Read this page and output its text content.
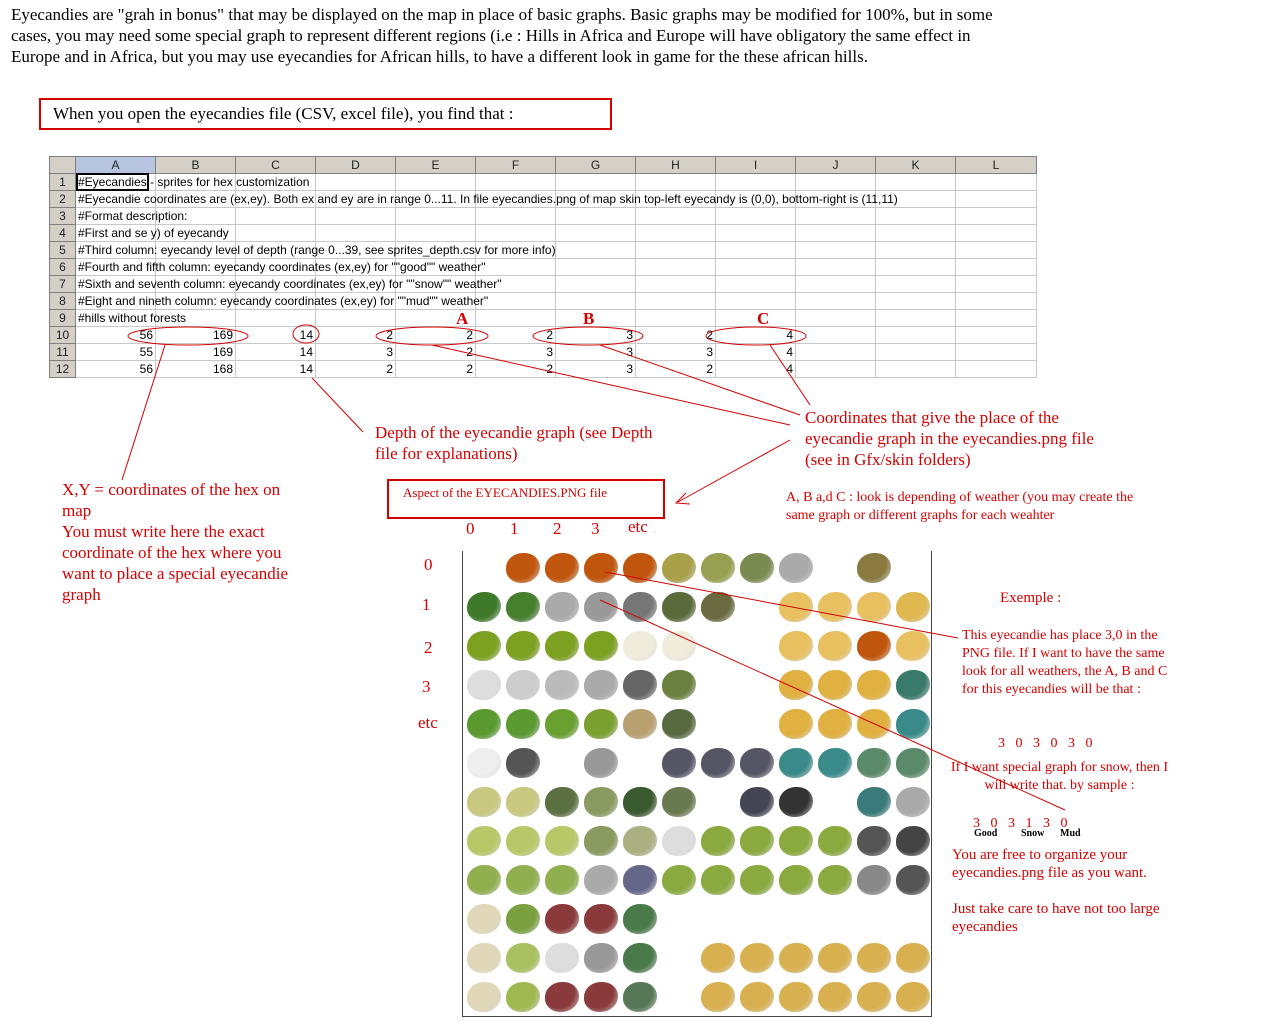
Eyecandies are "grah in bonus" that may be displayed on the map in place of basic graphs. Basic graphs may be modified for 100%, but in some cases, you may need some special graph to represent different regions (i.e : Hills in Africa and Europe will have obligatory the same effect in Europe and in Africa, but you may use eyecandies for African hills, to have a different look in game for the these african hills.
When you open the eyecandies file (CSV, excel file), you find that :
	A	B	C	D	E	F	G	H	I	J	K	L
1	#Eyecandies - sprites for hex customization											
2	#Eyecandie coordinates are (ex,ey). Both ex and ey are in range 0...11. In file eyecandies.png of map skin top-left eyecandy is (0,0), bottom-right is (11,11)											
3	#Format description:											
4	#First and se y) of eyecandy											
5	#Third column: eyecandy level of depth (range 0...39, see sprites_depth.csv for more info)											
6	#Fourth and fifth column: eyecandy coordinates (ex,ey) for ""good"" weather"											
7	#Sixth and seventh column: eyecandy coordinates (ex,ey) for ""snow"" weather"											
8	#Eight and nineth column: eyecandy coordinates (ex,ey) for ""mud"" weather"											
9	#hills without forests											
10	56	169	14	2	2	2	3	2	4			
11	55	169	14	3	2	3	3	3	4			
12	56	168	14	2	2	2	3	2	4			
A	B	C
X,Y = coordinates of the hex on map
You must write here the exact coordinate of the hex where you want to place a special eyecandie graph
Depth of the eyecandie graph (see Depth file for explanations)
Coordinates that give the place of the eyecandie graph in the eyecandies.png file (see in Gfx/skin folders)
A, B a,d C : look is depending of weather (you may create the same graph or different graphs for each weahter
Aspect of the EYECANDIES.PNG file
0 1 2 3 etc
0
1
2
3
etc
Exemple :
This eyecandie has place 3,0 in the PNG file. If I want to have the same look for all weathers, the A, B and C for this eyecandies will be that :
3   0   3   0   3   0
If I want special graph for snow, then I will write that. by sample :
3   0   3   1   3   0
Good Snow Mud
You are free to organize your eyecandies.png file as you want.
Just take care to have not too large eyecandies
